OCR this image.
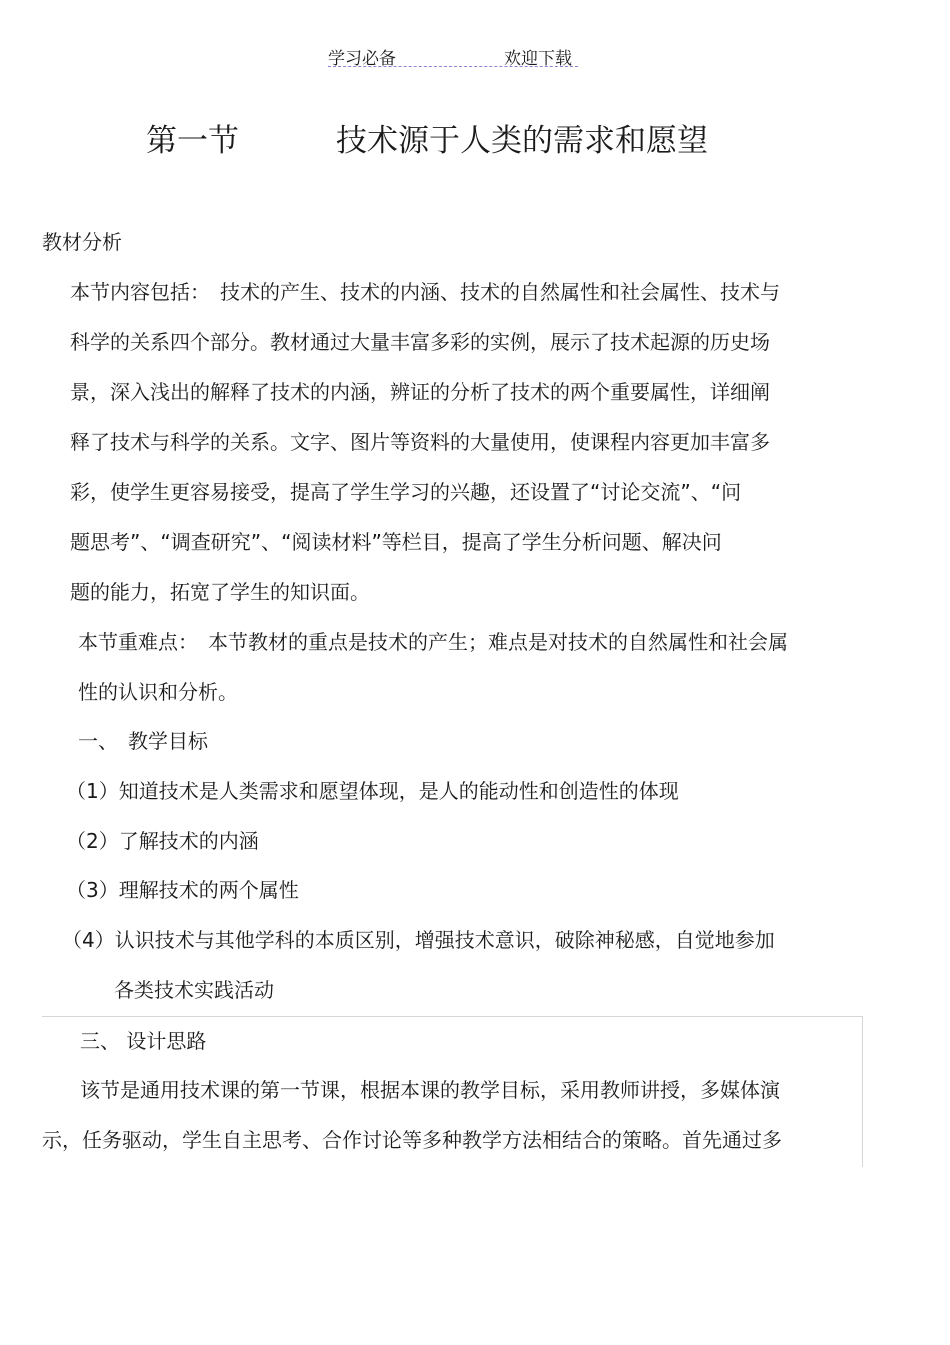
学习必备	欢迎下载
第一节	技术源于人类的需求和愿望
教材分析
本节内容包括：　技术的产生、技术的内涵、技术的自然属性和社会属性、技术与
科学的关系四个部分。教材通过大量丰富多彩的实例，展示了技术起源的历史场
景，深入浅出的解释了技术的内涵，辨证的分析了技术的两个重要属性，详细阐
释了技术与科学的关系。文字、图片等资料的大量使用，使课程内容更加丰富多
彩，使学生更容易接受，提高了学生学习的兴趣，还设置了“讨论交流”、“问
题思考”、“调查研究”、“阅读材料”等栏目，提高了学生分析问题、解决问
题的能力，拓宽了学生的知识面。
本节重难点：　本节教材的重点是技术的产生；难点是对技术的自然属性和社会属
性的认识和分析。
一、　教学目标
（1）知道技术是人类需求和愿望体现，是人的能动性和创造性的体现
（2）了解技术的内涵
（3）理解技术的两个属性
（4）认识技术与其他学科的本质区别，增强技术意识，破除神秘感，自觉地参加
各类技术实践活动
三、 设计思路
该节是通用技术课的第一节课，根据本课的教学目标，采用教师讲授，多媒体演
示，任务驱动，学生自主思考、合作讨论等多种教学方法相结合的策略。首先通过多
